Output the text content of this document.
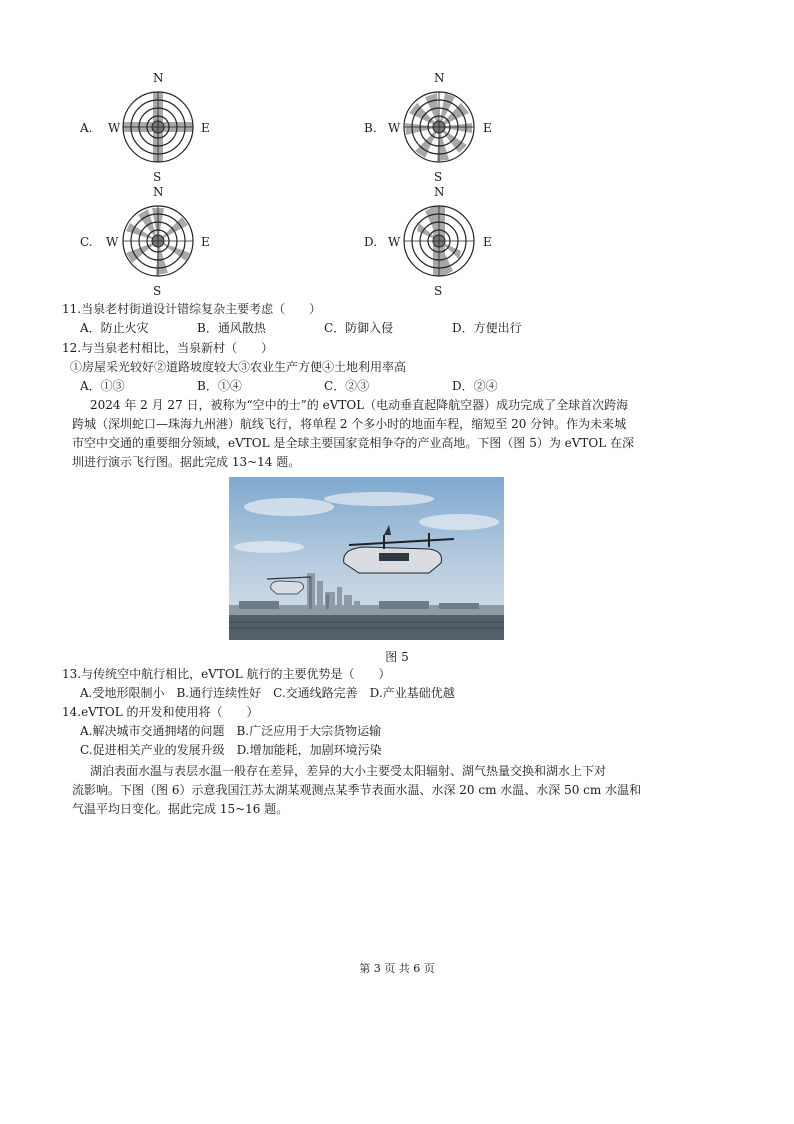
A.
N
S
W	E	B.
N
S
W	E
C.
N
S
W	E	D.
N
S
W	E
11.当泉老村街道设计错综复杂主要考虑（　　）
A．防止火灾	B．通风散热	C．防御入侵	D．方便出行
12.与当泉老村相比，当泉新村（　　）
①房屋采光较好②道路坡度较大③农业生产方便④土地利用率高
A．①③	B．①④	C．②③	D．②④
2024 年 2 月 27 日，被称为“空中的士”的 eVTOL（电动垂直起降航空器）成功完成了全球首次跨海
跨城（深圳蛇口—珠海九州港）航线飞行，将单程 2 个多小时的地面车程，缩短至 20 分钟。作为未来城
市空中交通的重要细分领域，eVTOL 是全球主要国家竞相争夺的产业高地。下图（图 5）为 eVTOL 在深
圳进行演示飞行图。据此完成 13~14 题。
图 5
13.与传统空中航行相比，eVTOL 航行的主要优势是（　　）
A.受地形限制小　B.通行连续性好　C.交通线路完善　D.产业基础优越
14.eVTOL 的开发和使用将（　　）
A.解决城市交通拥堵的问题　B.广泛应用于大宗货物运输
C.促进相关产业的发展升级　D.增加能耗，加剧环境污染
湖泊表面水温与表层水温一般存在差异，差异的大小主要受太阳辐射、湖气热量交换和湖水上下对
流影响。下图（图 6）示意我国江苏太湖某观测点某季节表面水温、水深 20 cm 水温、水深 50 cm 水温和
气温平均日变化。据此完成 15~16 题。
第 3 页 共 6 页
